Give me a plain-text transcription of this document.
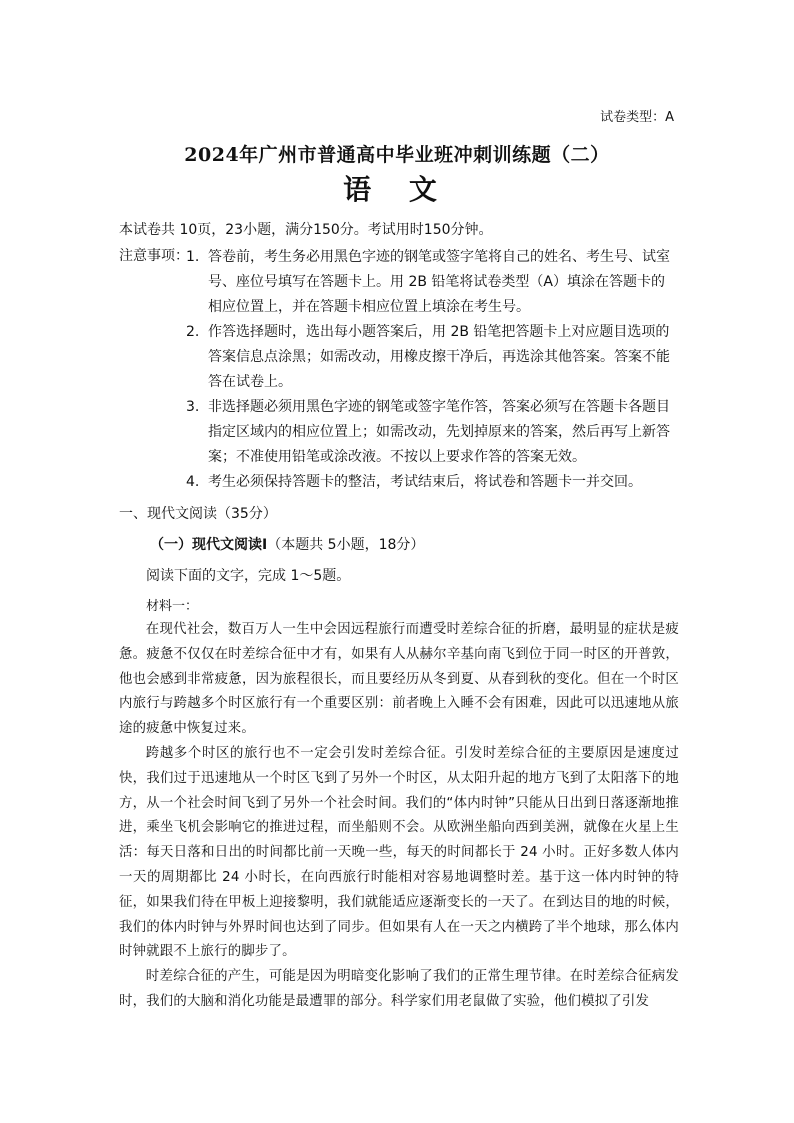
试卷类型：A
2024年广州市普通高中毕业班冲刺训练题（二）
语 文
本试卷共 10页，23小题，满分150分。考试用时150分钟。
注意事项：
1. 答卷前，考生务必用黑色字迹的钢笔或签字笔将自己的姓名、考生号、试室号、座位号填写在答题卡上。用 2B 铅笔将试卷类型（A）填涂在答题卡的相应位置上，并在答题卡相应位置上填涂在考生号。
2. 作答选择题时，选出每小题答案后，用 2B 铅笔把答题卡上对应题目选项的答案信息点涂黑；如需改动，用橡皮擦干净后，再选涂其他答案。答案不能答在试卷上。
3. 非选择题必须用黑色字迹的钢笔或签字笔作答，答案必须写在答题卡各题目指定区域内的相应位置上；如需改动，先划掉原来的答案，然后再写上新答案；不准使用铅笔或涂改液。不按以上要求作答的答案无效。
4. 考生必须保持答题卡的整洁，考试结束后，将试卷和答题卡一并交回。
一、现代文阅读（35分）
（一）现代文阅读Ⅰ（本题共 5小题，18分）
阅读下面的文字，完成 1～5题。
材料一：

在现代社会，数百万人一生中会因远程旅行而遭受时差综合征的折磨，最明显的症状是疲惫。疲惫不仅仅在时差综合征中才有，如果有人从赫尔辛基向南飞到位于同一时区的开普敦，他也会感到非常疲惫，因为旅程很长，而且要经历从冬到夏、从春到秋的变化。但在一个时区内旅行与跨越多个时区旅行有一个重要区别：前者晚上入睡不会有困难，因此可以迅速地从旅途的疲惫中恢复过来。

跨越多个时区的旅行也不一定会引发时差综合征。引发时差综合征的主要原因是速度过快，我们过于迅速地从一个时区飞到了另外一个时区，从太阳升起的地方飞到了太阳落下的地方，从一个社会时间飞到了另外一个社会时间。我们的“体内时钟”只能从日出到日落逐渐地推进，乘坐飞机会影响它的推进过程，而坐船则不会。从欧洲坐船向西到美洲，就像在火星上生活：每天日落和日出的时间都比前一天晚一些，每天的时间都长于 24 小时。正好多数人体内一天的周期都比 24 小时长，在向西旅行时能相对容易地调整时差。基于这一体内时钟的特征，如果我们待在甲板上迎接黎明，我们就能适应逐渐变长的一天了。在到达目的地的时候，我们的体内时钟与外界时间也达到了同步。但如果有人在一天之内横跨了半个地球，那么体内时钟就跟不上旅行的脚步了。

时差综合征的产生，可能是因为明暗变化影响了我们的正常生理节律。在时差综合征病发时，我们的大脑和消化功能是最遭罪的部分。科学家们用老鼠做了实验，他们模拟了引发
